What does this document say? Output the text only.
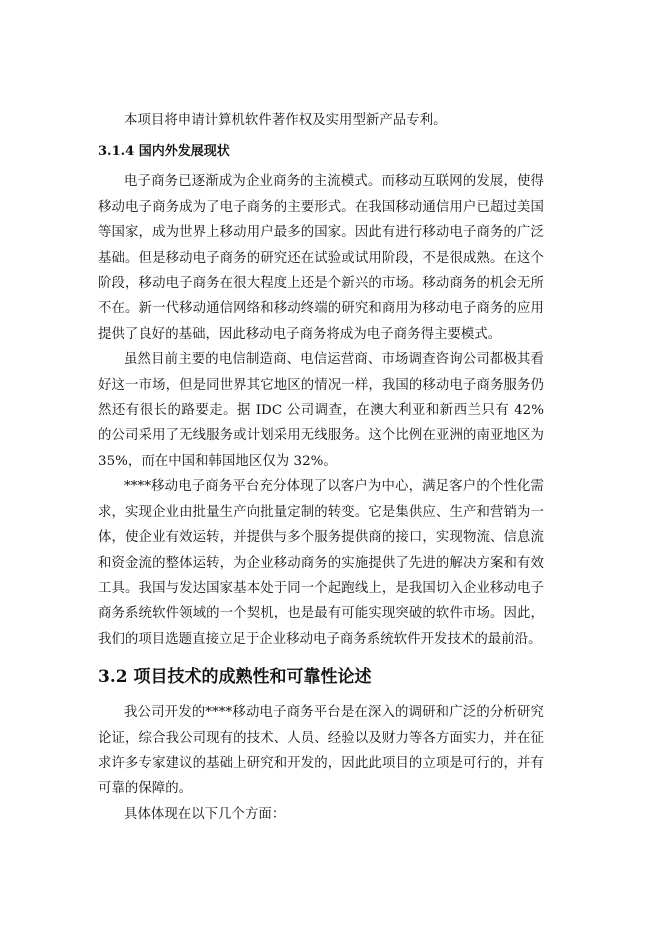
本项目将申请计算机软件著作权及实用型新产品专利。

3.1.4 国内外发展现状

电子商务已逐渐成为企业商务的主流模式。而移动互联网的发展，使得移动电子商务成为了电子商务的主要形式。在我国移动通信用户已超过美国等国家，成为世界上移动用户最多的国家。因此有进行移动电子商务的广泛基础。但是移动电子商务的研究还在试验或试用阶段，不是很成熟。在这个阶段，移动电子商务在很大程度上还是个新兴的市场。移动商务的机会无所不在。新一代移动通信网络和移动终端的研究和商用为移动电子商务的应用提供了良好的基础，因此移动电子商务将成为电子商务得主要模式。

虽然目前主要的电信制造商、电信运营商、市场调查咨询公司都极其看好这一市场，但是同世界其它地区的情况一样，我国的移动电子商务服务仍然还有很长的路要走。据 IDC 公司调查，在澳大利亚和新西兰只有 42% 的公司采用了无线服务或计划采用无线服务。这个比例在亚洲的南亚地区为 35%，而在中国和韩国地区仅为 32%。

****移动电子商务平台充分体现了以客户为中心，满足客户的个性化需求，实现企业由批量生产向批量定制的转变。它是集供应、生产和营销为一体，使企业有效运转，并提供与多个服务提供商的接口，实现物流、信息流和资金流的整体运转，为企业移动商务的实施提供了先进的解决方案和有效工具。我国与发达国家基本处于同一个起跑线上，是我国切入企业移动电子商务系统软件领域的一个契机，也是最有可能实现突破的软件市场。因此，我们的项目选题直接立足于企业移动电子商务系统软件开发技术的最前沿。

3.2 项目技术的成熟性和可靠性论述

我公司开发的****移动电子商务平台是在深入的调研和广泛的分析研究论证，综合我公司现有的技术、人员、经验以及财力等各方面实力，并在征求许多专家建议的基础上研究和开发的，因此此项目的立项是可行的，并有可靠的保障的。

具体体现在以下几个方面：
